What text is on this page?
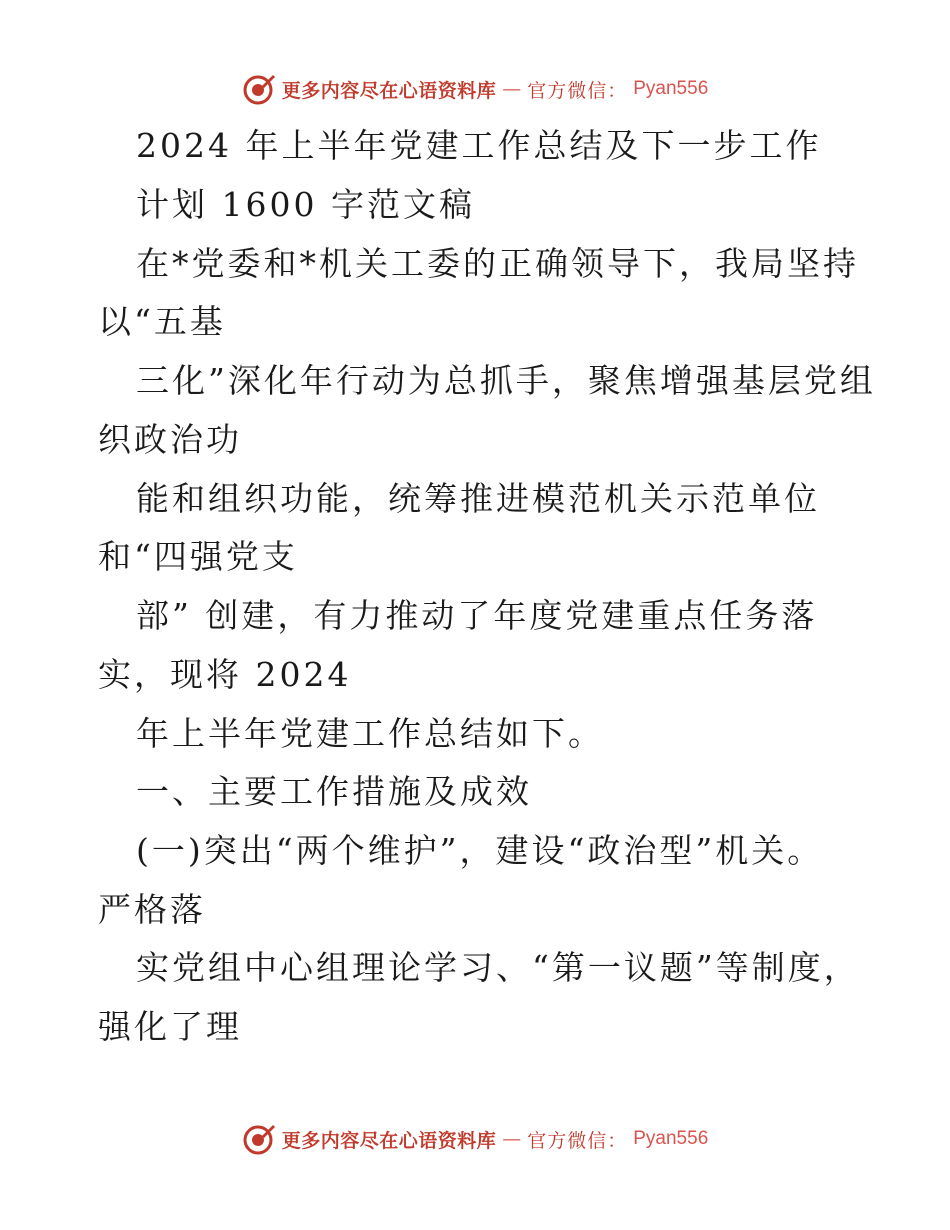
更多内容尽在心语资料库 — 官方微信： Pyan556
2024 年上半年党建工作总结及下一步工作
计划 1600 字范文稿
在*党委和*机关工委的正确领导下，我局坚持
以“五基
三化”深化年行动为总抓手，聚焦增强基层党组
织政治功
能和组织功能，统筹推进模范机关示范单位
和“四强党支
部” 创建，有力推动了年度党建重点任务落
实，现将 2024
年上半年党建工作总结如下。
一、主要工作措施及成效
(一)突出“两个维护”，建设“政治型”机关。
严格落
实党组中心组理论学习、“第一议题”等制度，
强化了理
更多内容尽在心语资料库 — 官方微信： Pyan556
